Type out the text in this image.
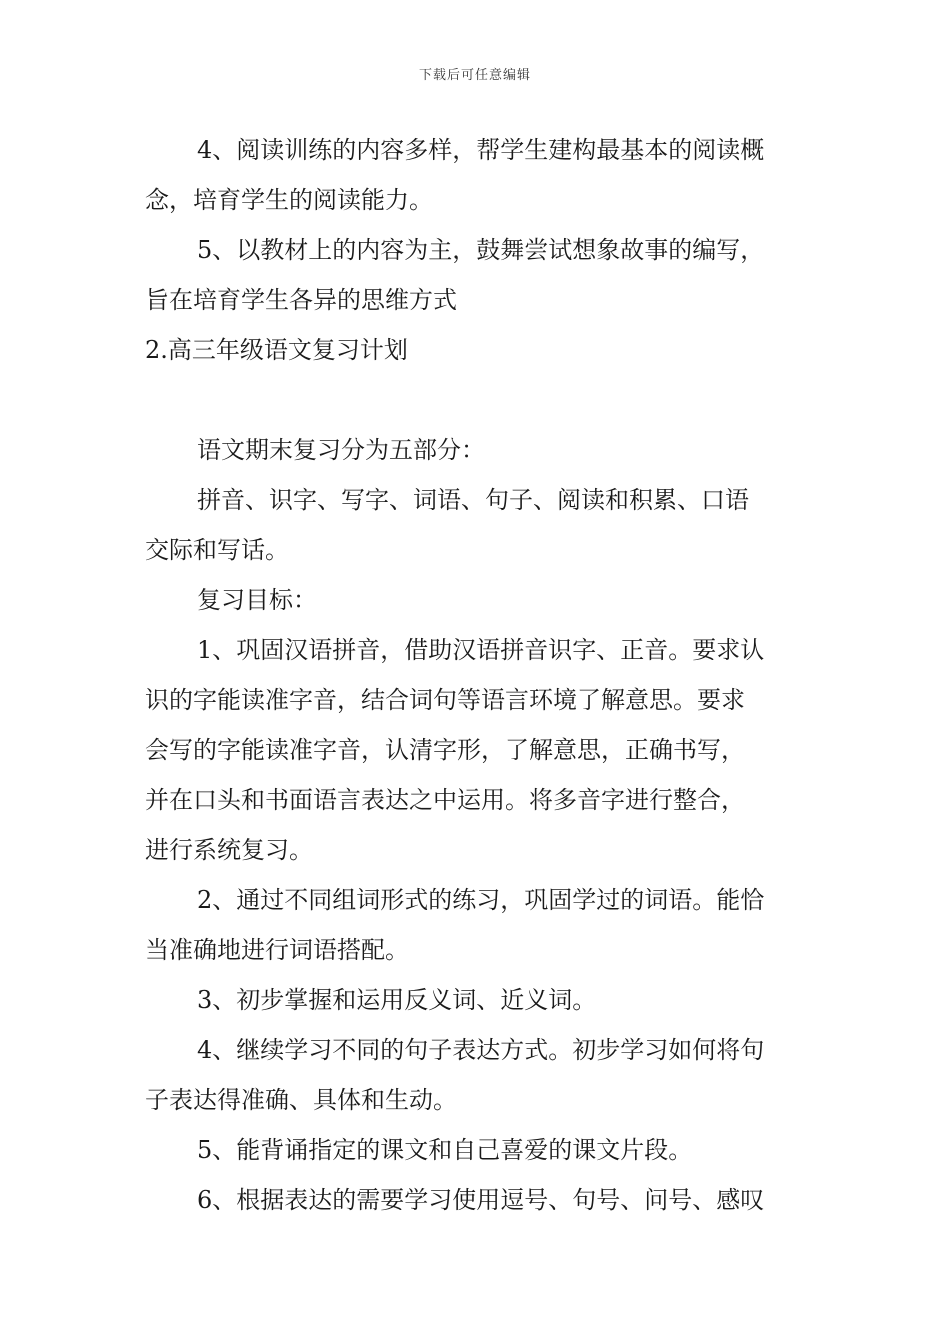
下载后可任意编辑
4、阅读训练的内容多样，帮学生建构最基本的阅读概
念，培育学生的阅读能力。
5、以教材上的内容为主，鼓舞尝试想象故事的编写，
旨在培育学生各异的思维方式
2.高三年级语文复习计划
语文期末复习分为五部分：
拼音、识字、写字、词语、句子、阅读和积累、口语
交际和写话。
复习目标：
1、巩固汉语拼音，借助汉语拼音识字、正音。要求认
识的字能读准字音，结合词句等语言环境了解意思。要求
会写的字能读准字音，认清字形，了解意思，正确书写，
并在口头和书面语言表达之中运用。将多音字进行整合，
进行系统复习。
2、通过不同组词形式的练习，巩固学过的词语。能恰
当准确地进行词语搭配。
3、初步掌握和运用反义词、近义词。
4、继续学习不同的句子表达方式。初步学习如何将句
子表达得准确、具体和生动。
5、能背诵指定的课文和自己喜爱的课文片段。
6、根据表达的需要学习使用逗号、句号、问号、感叹
